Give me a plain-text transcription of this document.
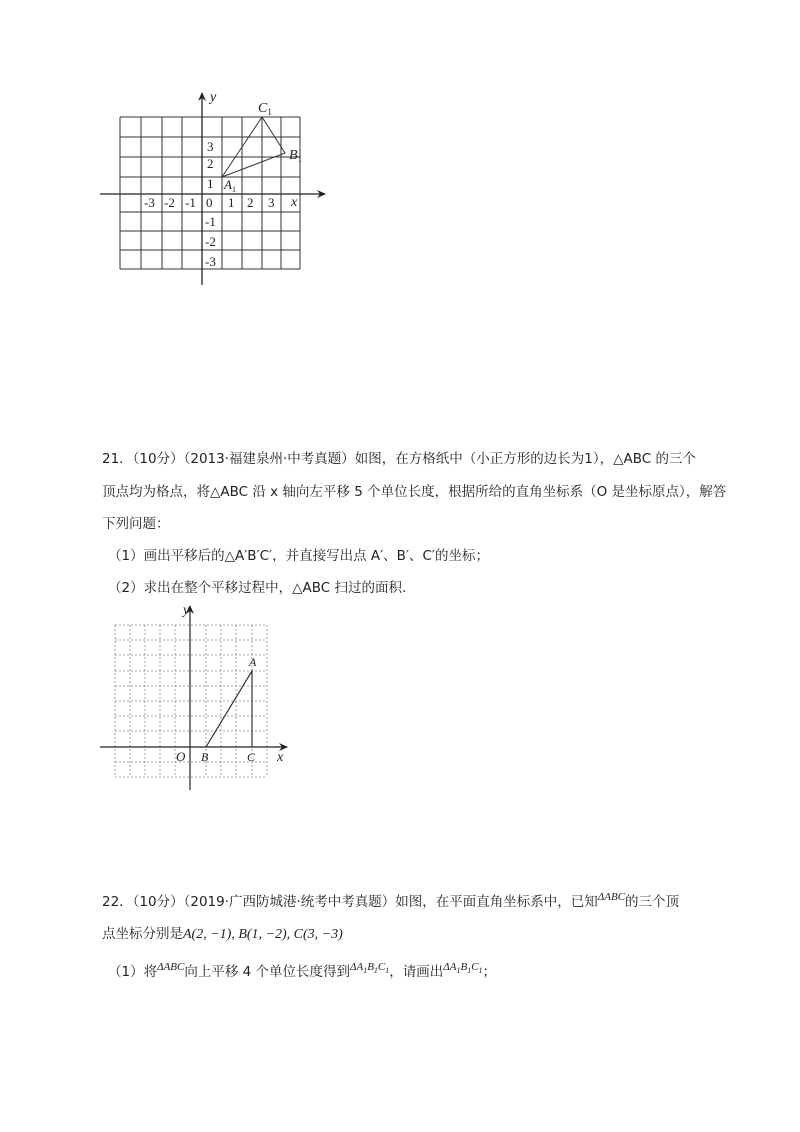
y
x
-3 -2 -1 0 1 2 3
1
2
3
-1
-2
-3
$A_1$
$B_1$
$C_1$
21．（10分）（2013·福建泉州·中考真题）如图，在方格纸中（小正方形的边长为1），△ABC 的三个
顶点均为格点，将△ABC 沿 x 轴向左平移 5 个单位长度，根据所给的直角坐标系（O 是坐标原点），解答
下列问题：
（1）画出平移后的△A′B′C′，并直接写出点 A′、B′、C′的坐标；
（2）求出在整个平移过程中，△ABC 扫过的面积.
y
x
O
A
B	C
22．（10分）（2019·广西防城港·统考中考真题）如图，在平面直角坐标系中，已知$^{\Delta ABC}$的三个顶
点坐标分别是A(2, −1), B(1, −2), C(3, −3)
（1）将$^{\Delta ABC}$向上平移 4 个单位长度得到$^{\Delta A_1B_1C_1}$，请画出$^{\Delta A_1B_1C_1}$；
